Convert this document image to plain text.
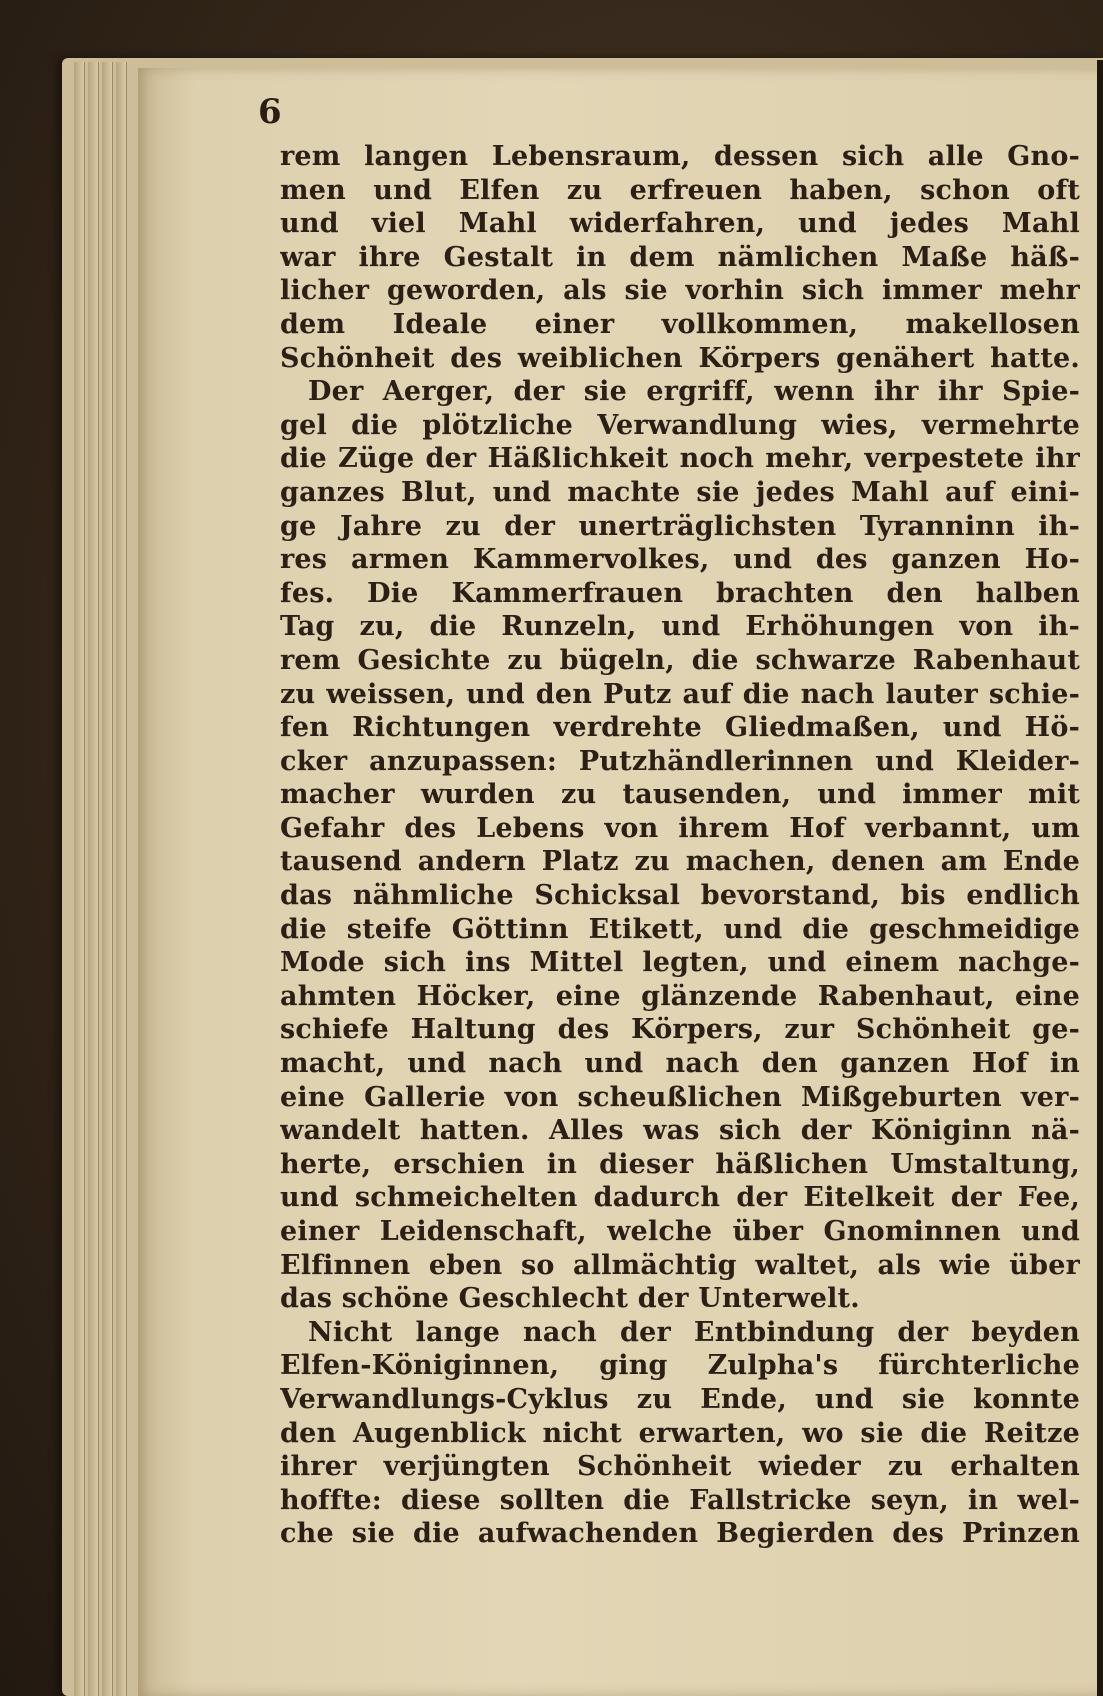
6
rem langen Lebensraum, dessen sich alle Gno-
men und Elfen zu erfreuen haben, schon oft
und viel Mahl widerfahren, und jedes Mahl
war ihre Gestalt in dem nämlichen Maße häß-
licher geworden, als sie vorhin sich immer mehr
dem Ideale einer vollkommen, makellosen
Schönheit des weiblichen Körpers genähert hatte.
Der Aerger, der sie ergriff, wenn ihr ihr Spie-
gel die plötzliche Verwandlung wies, vermehrte
die Züge der Häßlichkeit noch mehr, verpestete ihr
ganzes Blut, und machte sie jedes Mahl auf eini-
ge Jahre zu der unerträglichsten Tyranninn ih-
res armen Kammervolkes, und des ganzen Ho-
fes. Die Kammerfrauen brachten den halben
Tag zu, die Runzeln, und Erhöhungen von ih-
rem Gesichte zu bügeln, die schwarze Rabenhaut
zu weissen, und den Putz auf die nach lauter schie-
fen Richtungen verdrehte Gliedmaßen, und Hö-
cker anzupassen: Putzhändlerinnen und Kleider-
macher wurden zu tausenden, und immer mit
Gefahr des Lebens von ihrem Hof verbannt, um
tausend andern Platz zu machen, denen am Ende
das nähmliche Schicksal bevorstand, bis endlich
die steife Göttinn Etikett, und die geschmeidige
Mode sich ins Mittel legten, und einem nachge-
ahmten Höcker, eine glänzende Rabenhaut, eine
schiefe Haltung des Körpers, zur Schönheit ge-
macht, und nach und nach den ganzen Hof in
eine Gallerie von scheußlichen Mißgeburten ver-
wandelt hatten. Alles was sich der Königinn nä-
herte, erschien in dieser häßlichen Umstaltung,
und schmeichelten dadurch der Eitelkeit der Fee,
einer Leidenschaft, welche über Gnominnen und
Elfinnen eben so allmächtig waltet, als wie über
das schöne Geschlecht der Unterwelt.
Nicht lange nach der Entbindung der beyden
Elfen-Königinnen, ging Zulpha's fürchterliche
Verwandlungs-Cyklus zu Ende, und sie konnte
den Augenblick nicht erwarten, wo sie die Reitze
ihrer verjüngten Schönheit wieder zu erhalten
hoffte: diese sollten die Fallstricke seyn, in wel-
che sie die aufwachenden Begierden des Prinzen
